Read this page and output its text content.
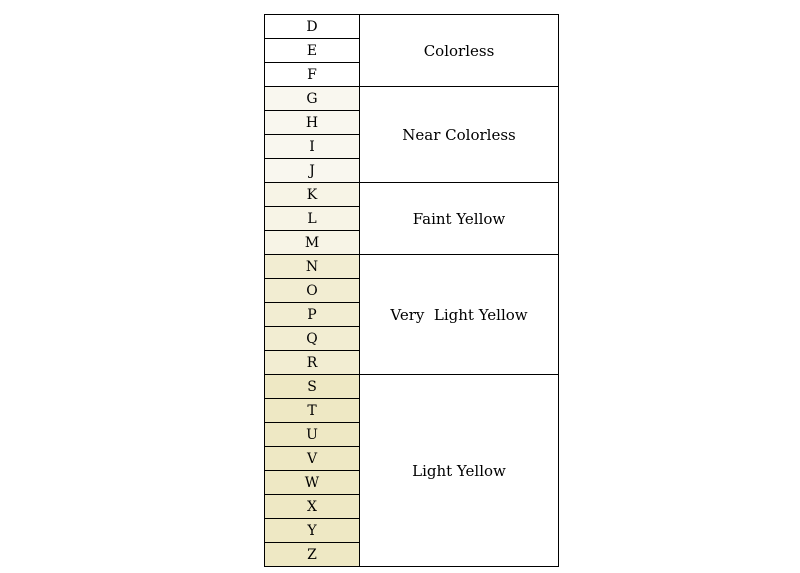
D	Colorless
E	
F	
G	Near Colorless
H	
I	
J	
K	Faint Yellow
L	
M	
N	Very  Light Yellow
O	
P	
Q	
R	
S	Light Yellow
T	
U	
V	
W	
X	
Y	
Z	
